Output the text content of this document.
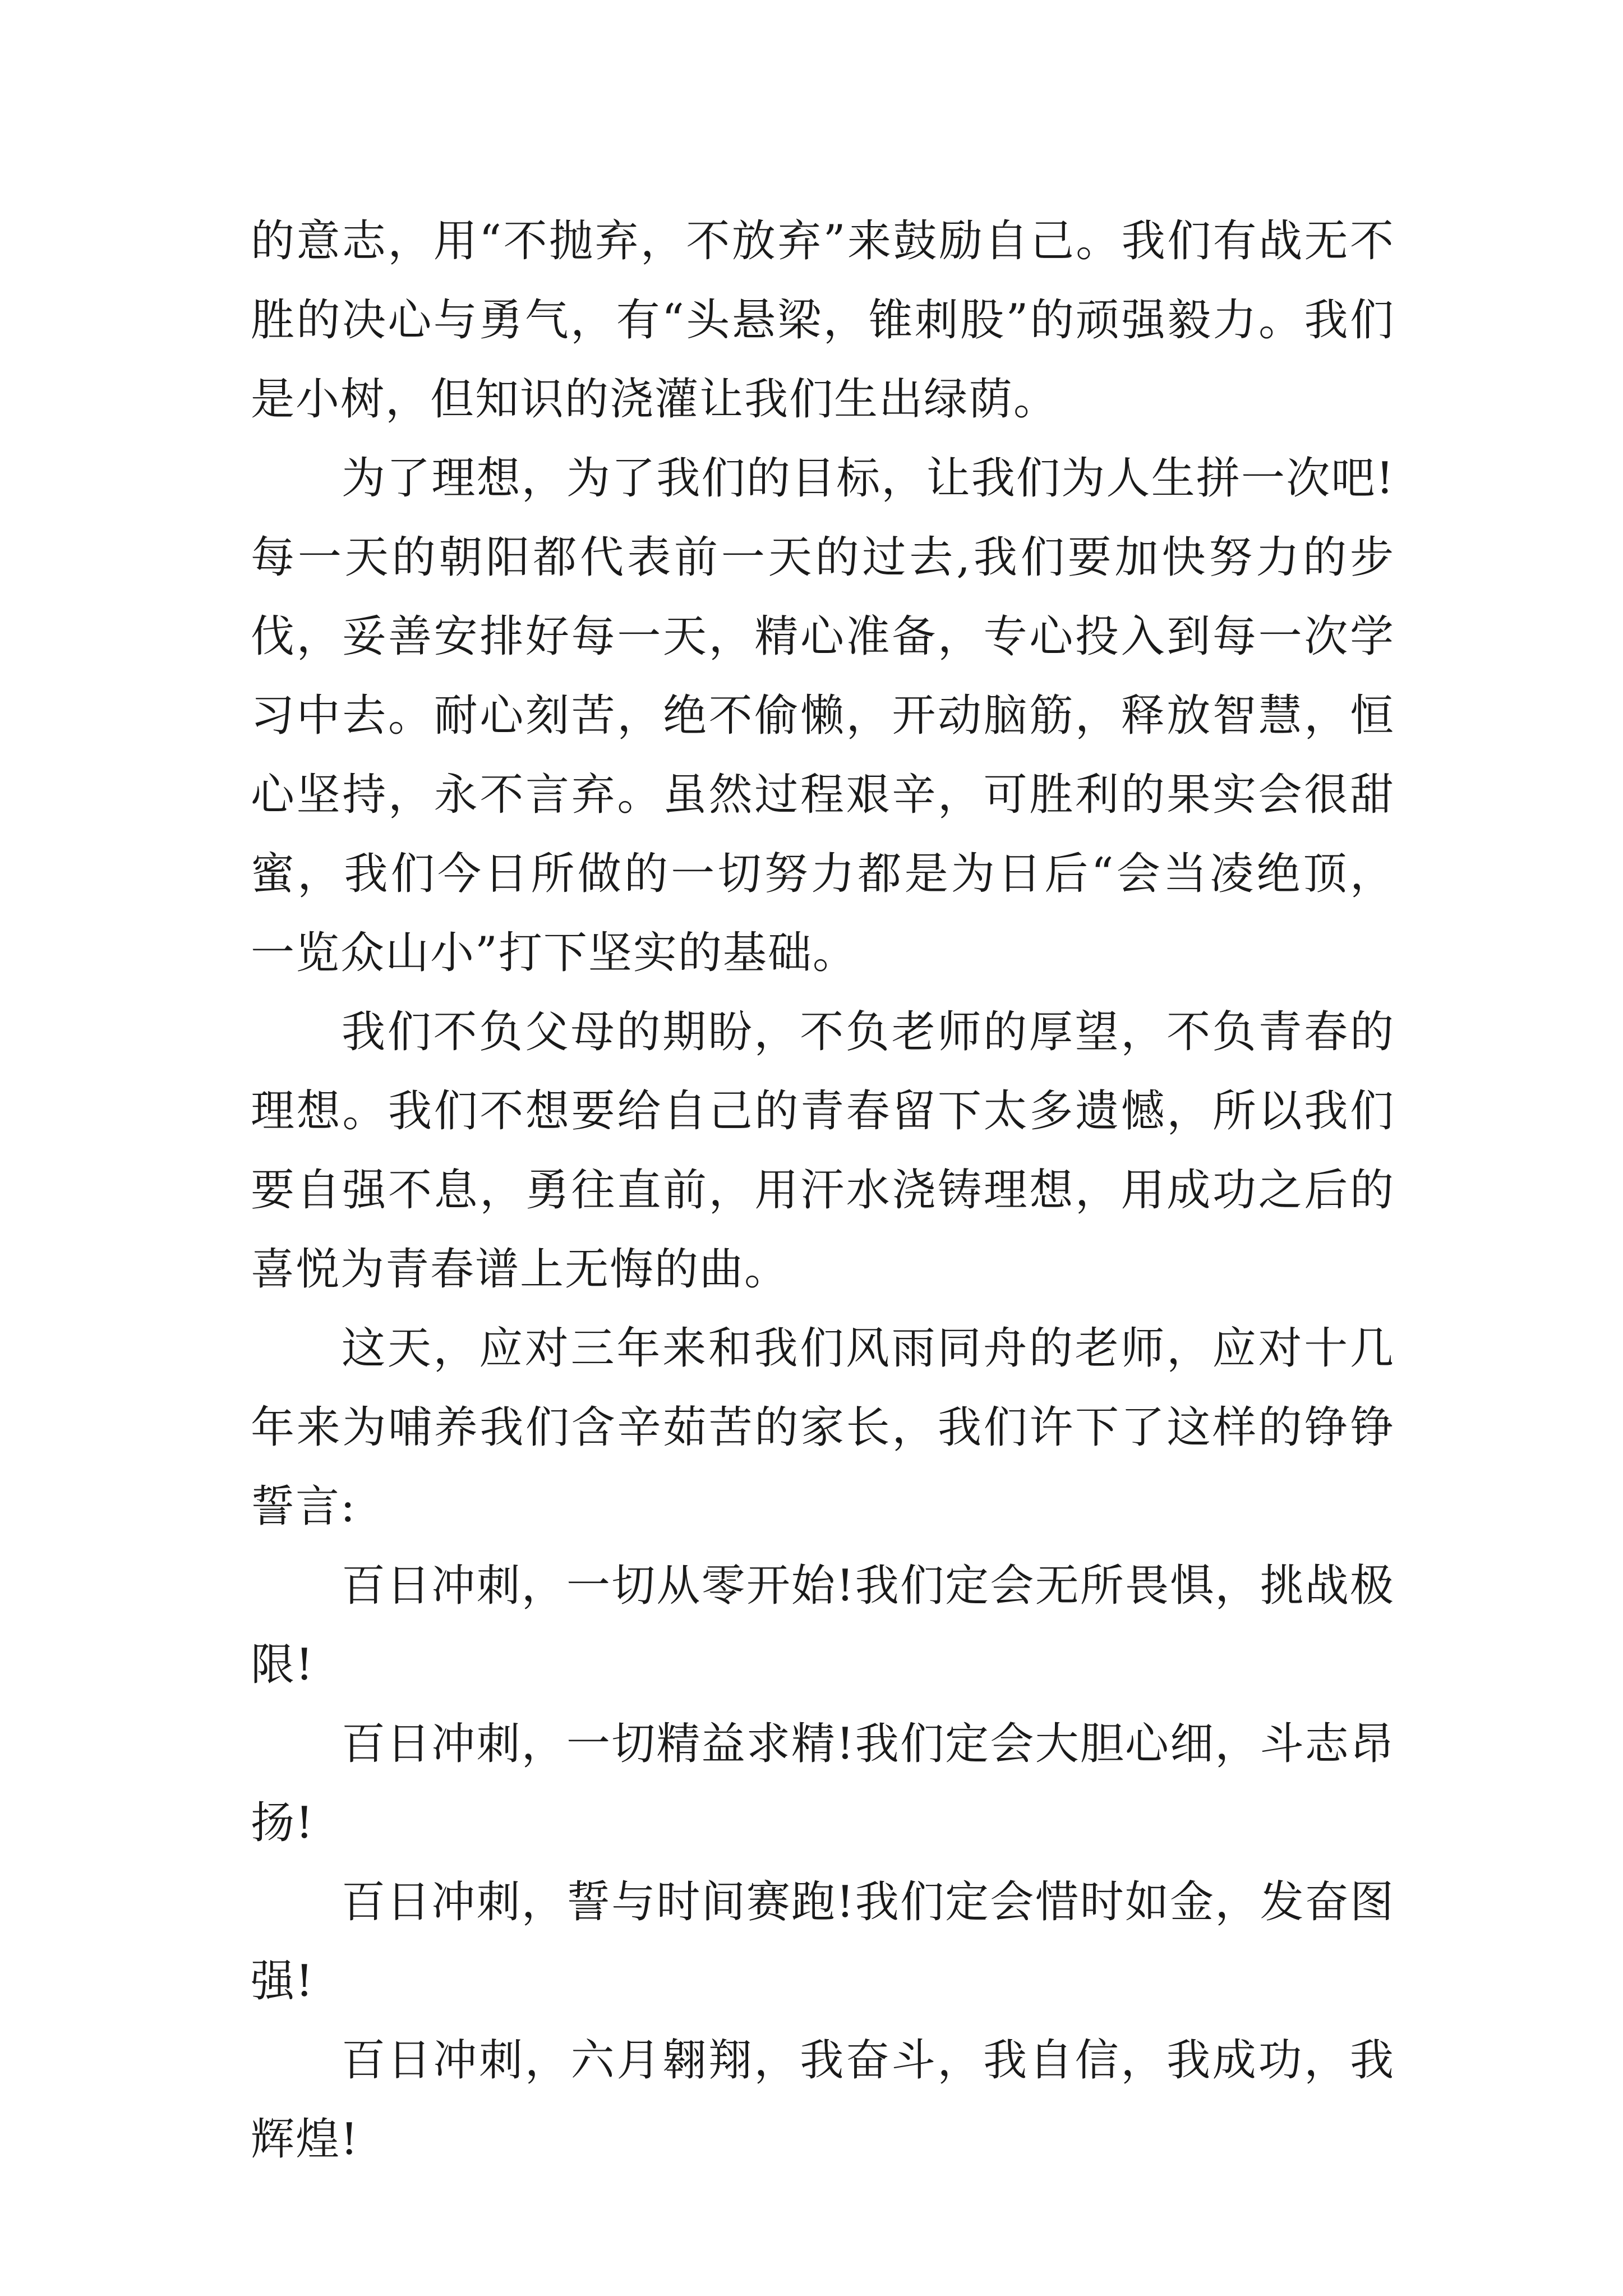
的意志，用“不抛弃，不放弃”来鼓励自己。我们有战无不胜的决心与勇气，有“头悬梁，锥刺股”的顽强毅力。我们是小树，但知识的浇灌让我们生出绿荫。

为了理想，为了我们的目标，让我们为人生拼一次吧!每一天的朝阳都代表前一天的过去,我们要加快努力的步伐，妥善安排好每一天，精心准备，专心投入到每一次学习中去。耐心刻苦，绝不偷懒，开动脑筋，释放智慧，恒心坚持，永不言弃。虽然过程艰辛，可胜利的果实会很甜蜜，我们今日所做的一切努力都是为日后“会当凌绝顶，一览众山小”打下坚实的基础。

我们不负父母的期盼，不负老师的厚望，不负青春的理想。我们不想要给自己的青春留下太多遗憾，所以我们要自强不息，勇往直前，用汗水浇铸理想，用成功之后的喜悦为青春谱上无悔的曲。

这天，应对三年来和我们风雨同舟的老师，应对十几年来为哺养我们含辛茹苦的家长，我们许下了这样的铮铮誓言:

百日冲刺，一切从零开始!我们定会无所畏惧，挑战极限!

百日冲刺，一切精益求精!我们定会大胆心细，斗志昂扬!

百日冲刺，誓与时间赛跑!我们定会惜时如金，发奋图强!

百日冲刺，六月翱翔，我奋斗，我自信，我成功，我辉煌!
